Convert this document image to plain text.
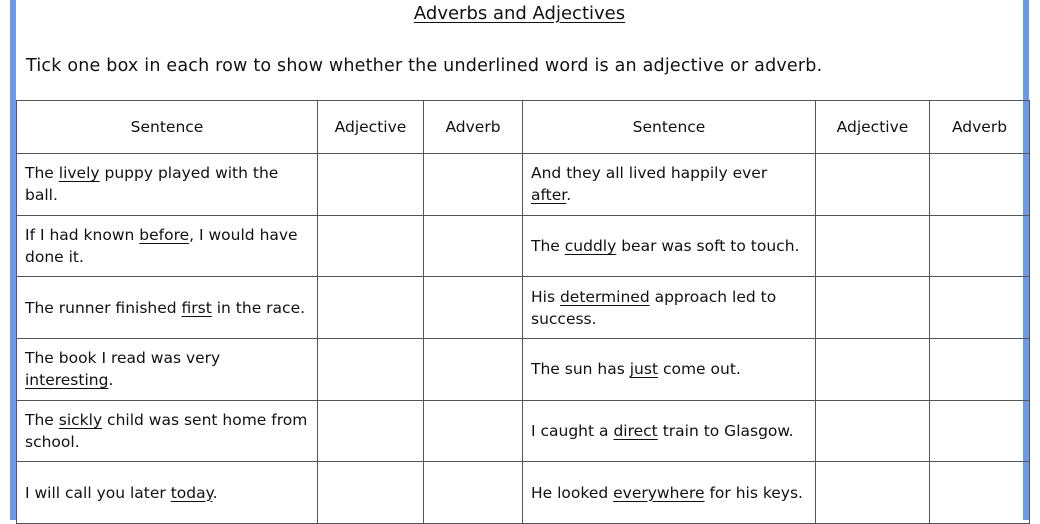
Adverbs and Adjectives
Tick one box in each row to show whether the underlined word is an adjective or adverb.
Sentence	Adjective	Adverb	Sentence	Adjective	Adverb
The lively puppy played with the ball.			And they all lived happily ever after.		
If I had known before, I would have done it.			The cuddly bear was soft to touch.		
The runner finished first in the race.			His determined approach led to success.		
The book I read was very interesting.			The sun has just come out.		
The sickly child was sent home from school.			I caught a direct train to Glasgow.		
I will call you later today.			He looked everywhere for his keys.		
